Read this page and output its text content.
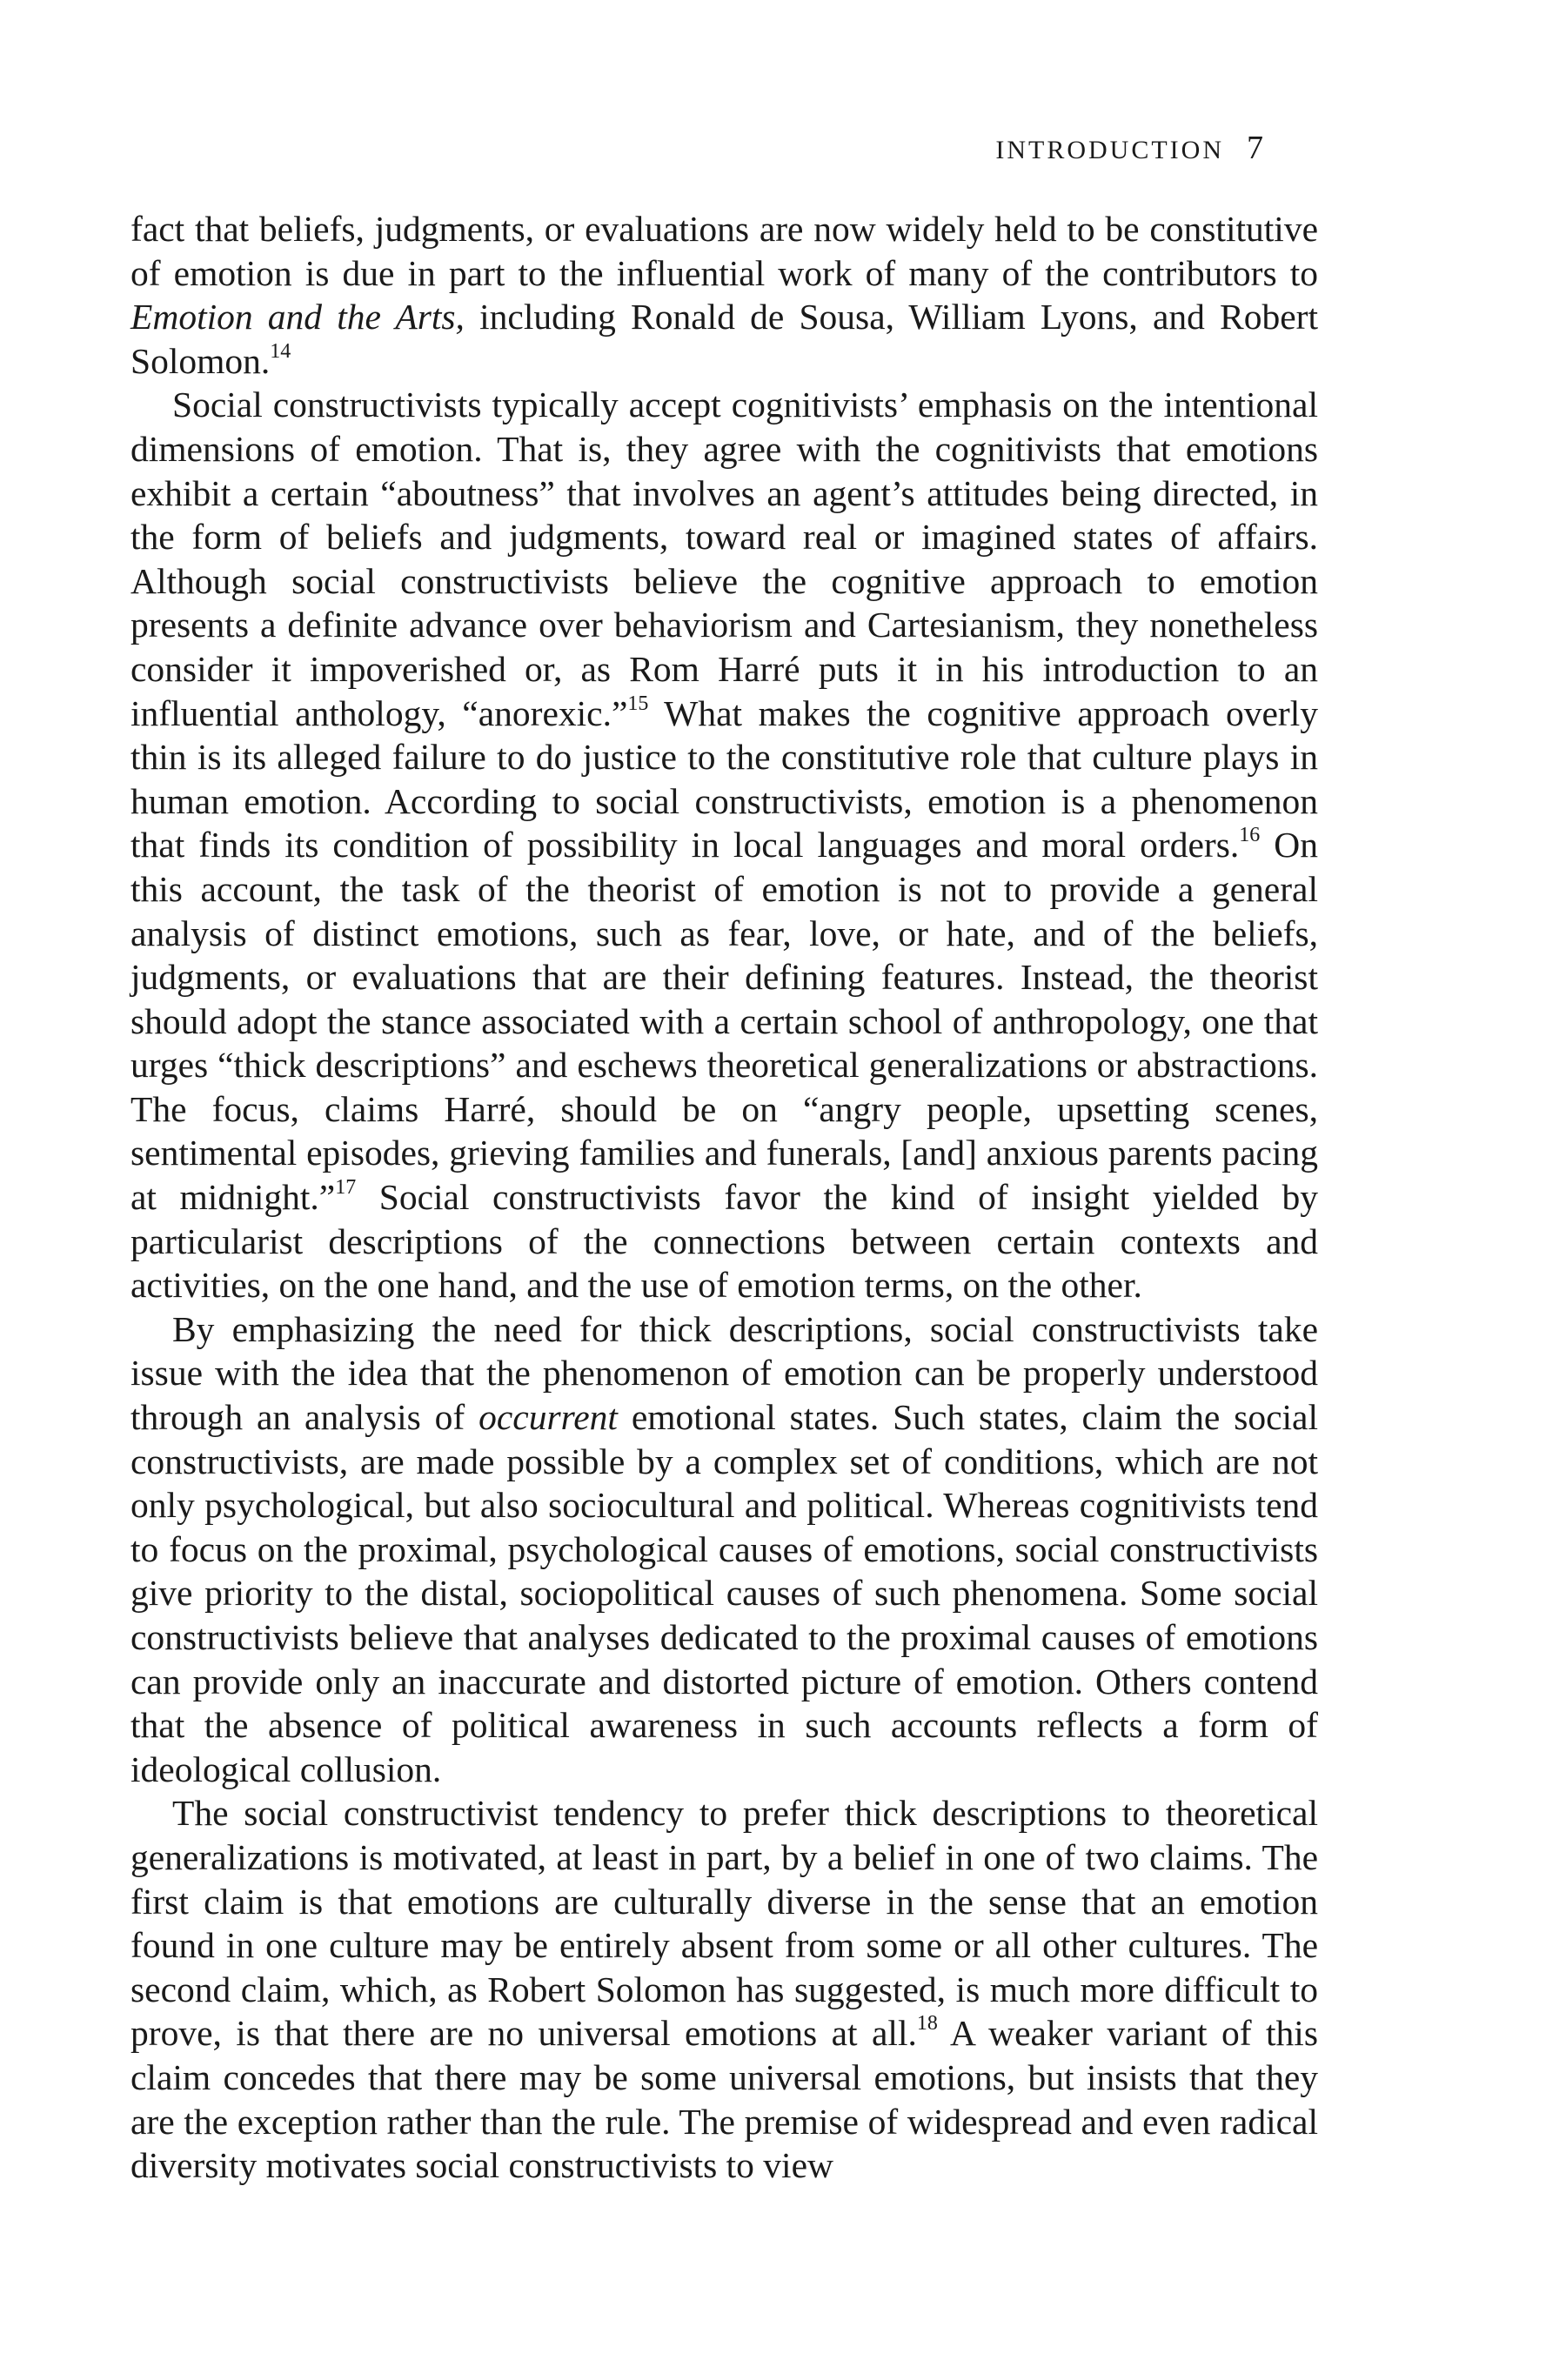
INTRODUCTION 7

fact that beliefs, judgments, or evaluations are now widely held to be constitutive of emotion is due in part to the influential work of many of the contributors to Emotion and the Arts, including Ronald de Sousa, William Lyons, and Robert Solomon.$^{14}$

Social constructivists typically accept cognitivists’ emphasis on the intentional dimensions of emotion. That is, they agree with the cognitivists that emotions exhibit a certain “aboutness” that involves an agent’s attitudes being directed, in the form of beliefs and judgments, toward real or imagined states of affairs. Although social constructivists believe the cognitive approach to emotion presents a definite advance over behaviorism and Cartesianism, they nonetheless consider it impoverished or, as Rom Harré puts it in his introduction to an influential anthology, “anorexic.”$^{15}$ What makes the cognitive approach overly thin is its alleged failure to do justice to the constitutive role that culture plays in human emotion. According to social constructivists, emotion is a phenomenon that finds its condition of possibility in local languages and moral orders.$^{16}$ On this account, the task of the theorist of emotion is not to provide a general analysis of distinct emotions, such as fear, love, or hate, and of the beliefs, judgments, or evaluations that are their defining features. Instead, the theorist should adopt the stance associated with a certain school of anthropology, one that urges “thick descriptions” and eschews theoretical generalizations or abstractions. The focus, claims Harré, should be on “angry people, upsetting scenes, sentimental episodes, grieving families and funerals, [and] anxious parents pacing at midnight.”$^{17}$ Social constructivists favor the kind of insight yielded by particularist descriptions of the connections between certain contexts and activities, on the one hand, and the use of emotion terms, on the other.

By emphasizing the need for thick descriptions, social constructivists take issue with the idea that the phenomenon of emotion can be properly understood through an analysis of occurrent emotional states. Such states, claim the social constructivists, are made possible by a complex set of conditions, which are not only psychological, but also sociocultural and political. Whereas cognitivists tend to focus on the proximal, psychological causes of emotions, social constructivists give priority to the distal, sociopolitical causes of such phenomena. Some social constructivists believe that analyses dedicated to the proximal causes of emotions can provide only an inaccurate and distorted picture of emotion. Others contend that the absence of political awareness in such accounts reflects a form of ideological collusion.

The social constructivist tendency to prefer thick descriptions to theoretical generalizations is motivated, at least in part, by a belief in one of two claims. The first claim is that emotions are culturally diverse in the sense that an emotion found in one culture may be entirely absent from some or all other cultures. The second claim, which, as Robert Solomon has suggested, is much more difficult to prove, is that there are no universal emotions at all.$^{18}$ A weaker variant of this claim concedes that there may be some universal emotions, but insists that they are the exception rather than the rule. The premise of widespread and even radical diversity motivates social constructivists to view
